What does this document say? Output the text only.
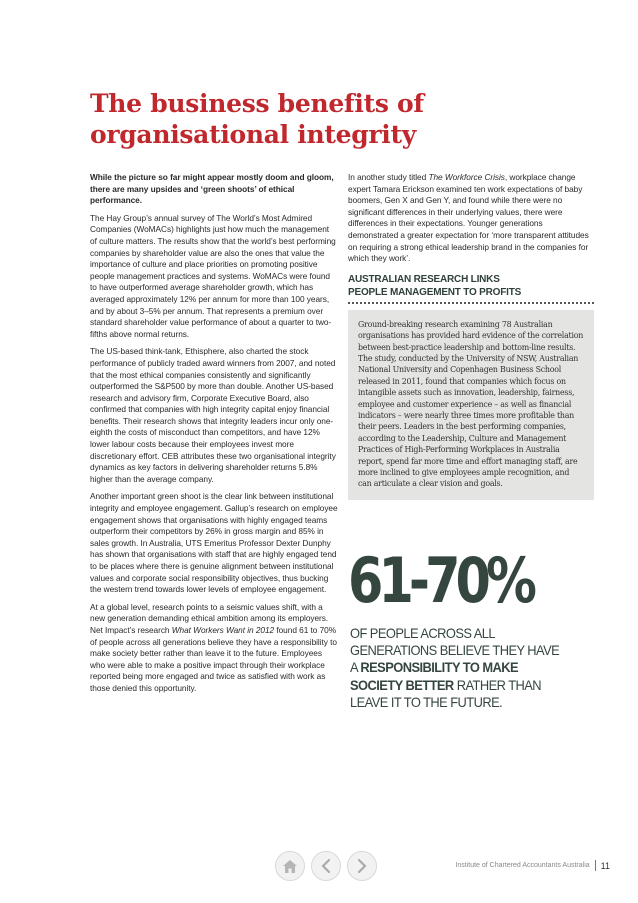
The business benefits of organisational integrity

While the picture so far might appear mostly doom and gloom, there are many upsides and ‘green shoots’ of ethical performance.

The Hay Group’s annual survey of The World’s Most Admired Companies (WoMACs) highlights just how much the management of culture matters. The results show that the world’s best performing companies by shareholder value are also the ones that value the importance of culture and place priorities on promoting positive people management practices and systems. WoMACs were found to have outperformed average shareholder growth, which has averaged approximately 12% per annum for more than 100 years, and by about 3–5% per annum. That represents a premium over standard shareholder value performance of about a quarter to two-fifths above normal returns.

The US-based think-tank, Ethisphere, also charted the stock performance of publicly traded award winners from 2007, and noted that the most ethical companies consistently and significantly outperformed the S&P500 by more than double. Another US-based research and advisory firm, Corporate Executive Board, also confirmed that companies with high integrity capital enjoy financial benefits. Their research shows that integrity leaders incur only one-eighth the costs of misconduct than competitors, and have 12% lower labour costs because their employees invest more discretionary effort. CEB attributes these two organisational integrity dynamics as key factors in delivering shareholder returns 5.8% higher than the average company.

Another important green shoot is the clear link between institutional integrity and employee engagement. Gallup’s research on employee engagement shows that organisations with highly engaged teams outperform their competitors by 26% in gross margin and 85% in sales growth. In Australia, UTS Emeritus Professor Dexter Dunphy has shown that organisations with staff that are highly engaged tend to be places where there is genuine alignment between institutional values and corporate social responsibility objectives, thus bucking the western trend towards lower levels of employee engagement.

At a global level, research points to a seismic values shift, with a new generation demanding ethical ambition among its employers. Net Impact’s research What Workers Want in 2012 found 61 to 70% of people across all generations believe they have a responsibility to make society better rather than leave it to the future. Employees who were able to make a positive impact through their workplace reported being more engaged and twice as satisfied with work as those denied this opportunity.

In another study titled The Workforce Crisis, workplace change expert Tamara Erickson examined ten work expectations of baby boomers, Gen X and Gen Y, and found while there were no significant differences in their underlying values, there were differences in their expectations. Younger generations demonstrated a greater expectation for ‘more transparent attitudes on requiring a strong ethical leadership brand in the companies for which they work’.

AUSTRALIAN RESEARCH LINKS
PEOPLE MANAGEMENT TO PROFITS

Ground-breaking research examining 78 Australian organisations has provided hard evidence of the correlation between best-practice leadership and bottom-line results. The study, conducted by the University of NSW, Australian National University and Copenhagen Business School released in 2011, found that companies which focus on intangible assets such as innovation, leadership, fairness, employee and customer experience – as well as financial indicators – were nearly three times more profitable than their peers. Leaders in the best performing companies, according to the Leadership, Culture and Management Practices of High-Performing Workplaces in Australia report, spend far more time and effort managing staff, are more inclined to give employees ample recognition, and can articulate a clear vision and goals.

61-70%
OF PEOPLE ACROSS ALL GENERATIONS BELIEVE THEY HAVE A RESPONSIBILITY TO MAKE SOCIETY BETTER RATHER THAN LEAVE IT TO THE FUTURE.
Institute of Chartered Accountants Australia 11
